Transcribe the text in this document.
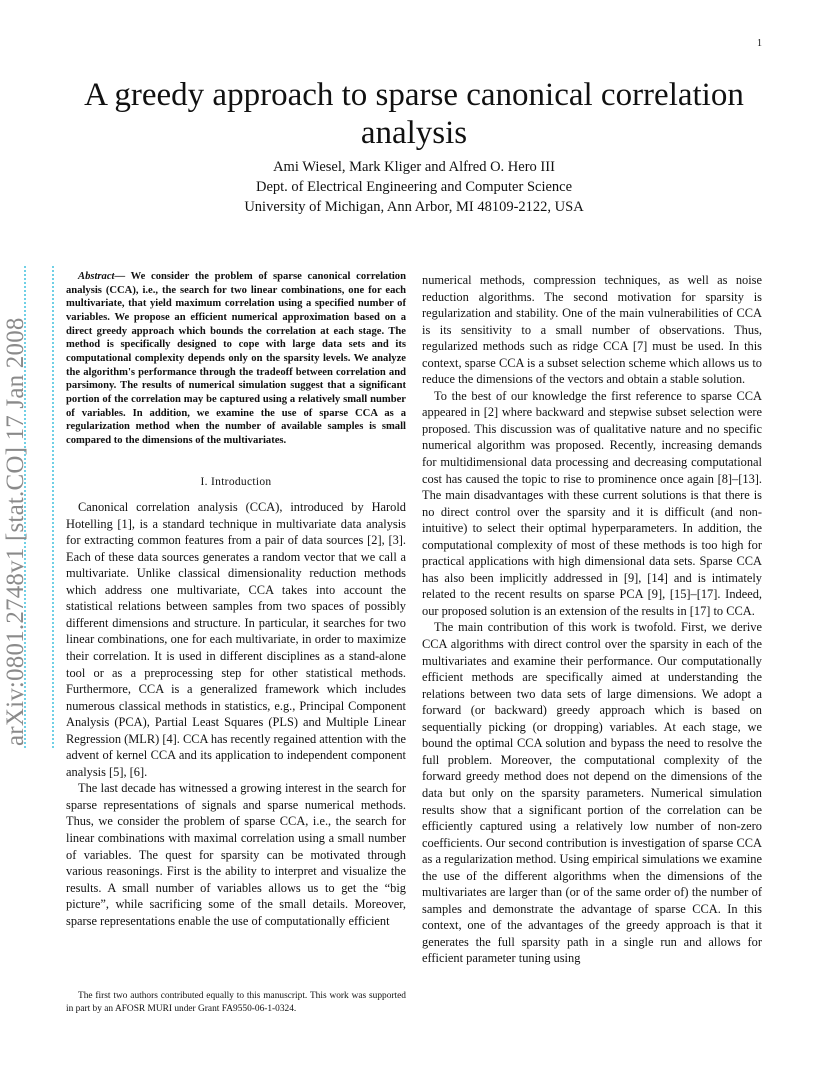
1
A greedy approach to sparse canonical correlation analysis
Ami Wiesel, Mark Kliger and Alfred O. Hero III
Dept. of Electrical Engineering and Computer Science
University of Michigan, Ann Arbor, MI 48109-2122, USA
arXiv:0801.2748v1 [stat.CO] 17 Jan 2008

Abstract— We consider the problem of sparse canonical correlation analysis (CCA), i.e., the search for two linear combinations, one for each multivariate, that yield maximum correlation using a specified number of variables. We propose an efficient numerical approximation based on a direct greedy approach which bounds the correlation at each stage. The method is specifically designed to cope with large data sets and its computational complexity depends only on the sparsity levels. We analyze the algorithm's performance through the tradeoff between correlation and parsimony. The results of numerical simulation suggest that a significant portion of the correlation may be captured using a relatively small number of variables. In addition, we examine the use of sparse CCA as a regularization method when the number of available samples is small compared to the dimensions of the multivariates.

I. Introduction

Canonical correlation analysis (CCA), introduced by Harold Hotelling [1], is a standard technique in multivariate data analysis for extracting common features from a pair of data sources [2], [3]. Each of these data sources generates a random vector that we call a multivariate. Unlike classical dimensionality reduction methods which address one multivariate, CCA takes into account the statistical relations between samples from two spaces of possibly different dimensions and structure. In particular, it searches for two linear combinations, one for each multivariate, in order to maximize their correlation. It is used in different disciplines as a stand-alone tool or as a preprocessing step for other statistical methods. Furthermore, CCA is a generalized framework which includes numerous classical methods in statistics, e.g., Principal Component Analysis (PCA), Partial Least Squares (PLS) and Multiple Linear Regression (MLR) [4]. CCA has recently regained attention with the advent of kernel CCA and its application to independent component analysis [5], [6].

The last decade has witnessed a growing interest in the search for sparse representations of signals and sparse numerical methods. Thus, we consider the problem of sparse CCA, i.e., the search for linear combinations with maximal correlation using a small number of variables. The quest for sparsity can be motivated through various reasonings. First is the ability to interpret and visualize the results. A small number of variables allows us to get the “big picture”, while sacrificing some of the small details. Moreover, sparse representations enable the use of computationally efficient

The first two authors contributed equally to this manuscript. This work was supported in part by an AFOSR MURI under Grant FA9550-06-1-0324.

numerical methods, compression techniques, as well as noise reduction algorithms. The second motivation for sparsity is regularization and stability. One of the main vulnerabilities of CCA is its sensitivity to a small number of observations. Thus, regularized methods such as ridge CCA [7] must be used. In this context, sparse CCA is a subset selection scheme which allows us to reduce the dimensions of the vectors and obtain a stable solution.

To the best of our knowledge the first reference to sparse CCA appeared in [2] where backward and stepwise subset selection were proposed. This discussion was of qualitative nature and no specific numerical algorithm was proposed. Recently, increasing demands for multidimensional data processing and decreasing computational cost has caused the topic to rise to prominence once again [8]–[13]. The main disadvantages with these current solutions is that there is no direct control over the sparsity and it is difficult (and non-intuitive) to select their optimal hyperparameters. In addition, the computational complexity of most of these methods is too high for practical applications with high dimensional data sets. Sparse CCA has also been implicitly addressed in [9], [14] and is intimately related to the recent results on sparse PCA [9], [15]–[17]. Indeed, our proposed solution is an extension of the results in [17] to CCA.

The main contribution of this work is twofold. First, we derive CCA algorithms with direct control over the sparsity in each of the multivariates and examine their performance. Our computationally efficient methods are specifically aimed at understanding the relations between two data sets of large dimensions. We adopt a forward (or backward) greedy approach which is based on sequentially picking (or dropping) variables. At each stage, we bound the optimal CCA solution and bypass the need to resolve the full problem. Moreover, the computational complexity of the forward greedy method does not depend on the dimensions of the data but only on the sparsity parameters. Numerical simulation results show that a significant portion of the correlation can be efficiently captured using a relatively low number of non-zero coefficients. Our second contribution is investigation of sparse CCA as a regularization method. Using empirical simulations we examine the use of the different algorithms when the dimensions of the multivariates are larger than (or of the same order of) the number of samples and demonstrate the advantage of sparse CCA. In this context, one of the advantages of the greedy approach is that it generates the full sparsity path in a single run and allows for efficient parameter tuning using
